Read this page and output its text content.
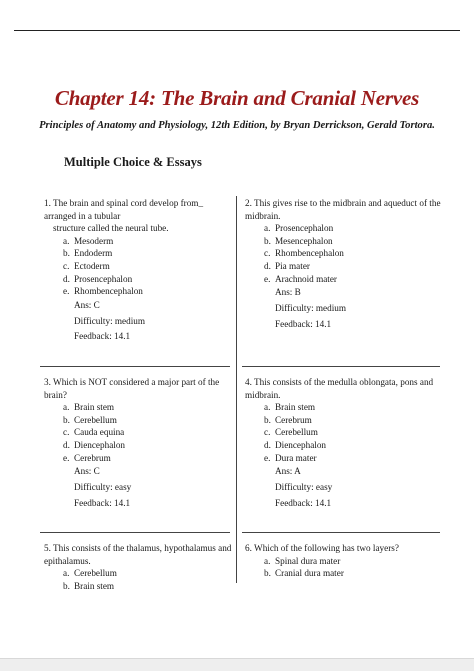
Chapter 14: The Brain and Cranial Nerves
Principles of Anatomy and Physiology, 12th Edition, by Bryan Derrickson, Gerald Tortora.
Multiple Choice & Essays

1. The brain and spinal cord develop from_ arranged in a tubular

structure called the neural tube.

a. Mesoderm
b. Endoderm
c. Ectoderm
d. Prosencephalon
e. Rhombencephalon

Ans: C

Difficulty: medium

Feedback: 14.1

2. This gives rise to the midbrain and aqueduct of the midbrain.

a. Prosencephalon
b. Mesencephalon
c. Rhombencephalon
d. Pia mater
e. Arachnoid mater

Ans: B

Difficulty: medium

Feedback: 14.1

3. Which is NOT considered a major part of the brain?

a. Brain stem
b. Cerebellum
c. Cauda equina
d. Diencephalon
e. Cerebrum

Ans: C

Difficulty: easy

Feedback: 14.1

4. This consists of the medulla oblongata, pons and midbrain.

a. Brain stem
b. Cerebrum
c. Cerebellum
d. Diencephalon
e. Dura mater

Ans: A

Difficulty: easy

Feedback: 14.1

5. This consists of the thalamus, hypothalamus and epithalamus.

a. Cerebellum
b. Brain stem

6. Which of the following has two layers?

a. Spinal dura mater
b. Cranial dura mater
